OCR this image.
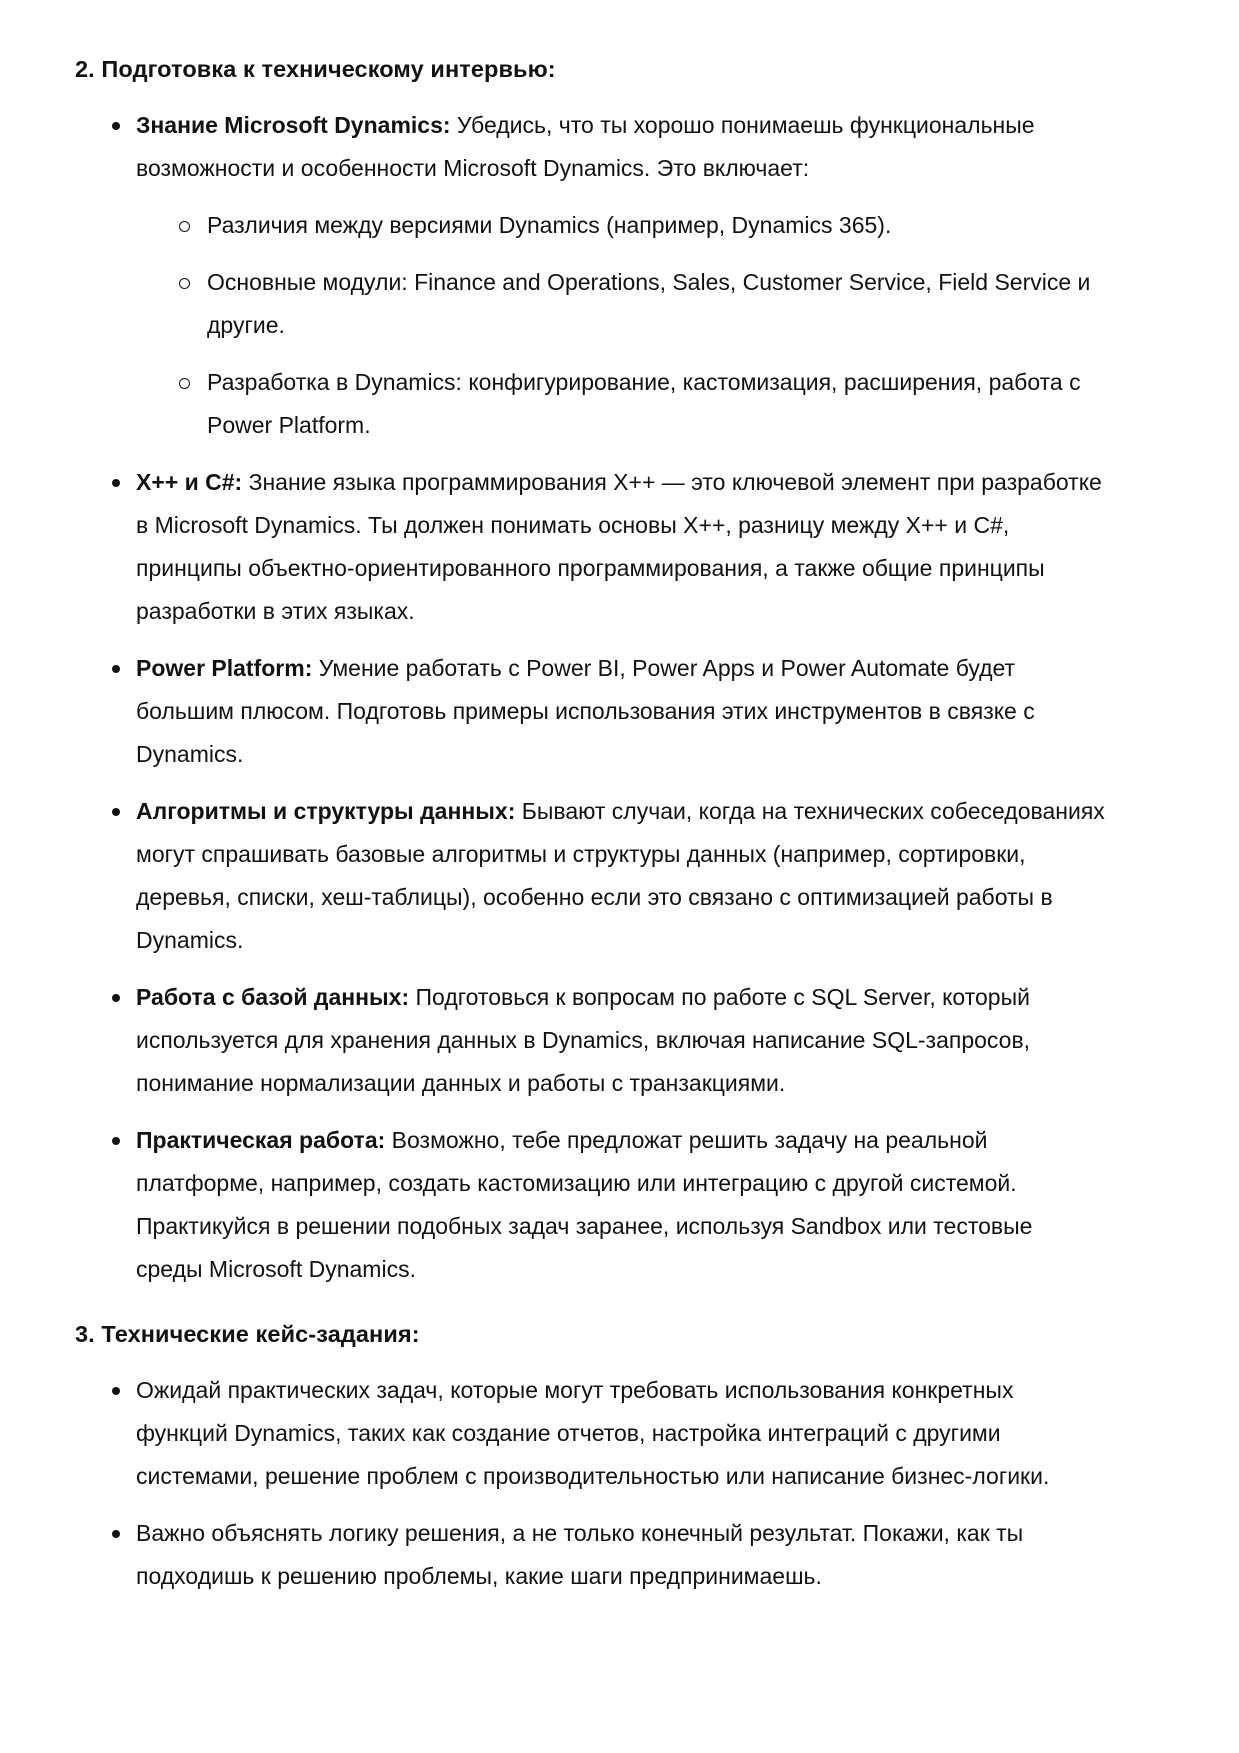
2. Подготовка к техническому интервью:

Знание Microsoft Dynamics: Убедись, что ты хорошо понимаешь функциональные возможности и особенности Microsoft Dynamics. Это включает:

Различия между версиями Dynamics (например, Dynamics 365).
Основные модули: Finance and Operations, Sales, Customer Service, Field Service и другие.
Разработка в Dynamics: конфигурирование, кастомизация, расширения, работа с Power Platform.

X++ и C#: Знание языка программирования X++ — это ключевой элемент при разработке в Microsoft Dynamics. Ты должен понимать основы X++, разницу между X++ и C#, принципы объектно-ориентированного программирования, а также общие принципы разработки в этих языках.

Power Platform: Умение работать с Power BI, Power Apps и Power Automate будет большим плюсом. Подготовь примеры использования этих инструментов в связке с Dynamics.

Алгоритмы и структуры данных: Бывают случаи, когда на технических собеседованиях могут спрашивать базовые алгоритмы и структуры данных (например, сортировки, деревья, списки, хеш-таблицы), особенно если это связано с оптимизацией работы в Dynamics.

Работа с базой данных: Подготовься к вопросам по работе с SQL Server, который используется для хранения данных в Dynamics, включая написание SQL-запросов, понимание нормализации данных и работы с транзакциями.

Практическая работа: Возможно, тебе предложат решить задачу на реальной платформе, например, создать кастомизацию или интеграцию с другой системой. Практикуйся в решении подобных задач заранее, используя Sandbox или тестовые среды Microsoft Dynamics.

3. Технические кейс-задания:

Ожидай практических задач, которые могут требовать использования конкретных функций Dynamics, таких как создание отчетов, настройка интеграций с другими системами, решение проблем с производительностью или написание бизнес-логики.

Важно объяснять логику решения, а не только конечный результат. Покажи, как ты подходишь к решению проблемы, какие шаги предпринимаешь.
